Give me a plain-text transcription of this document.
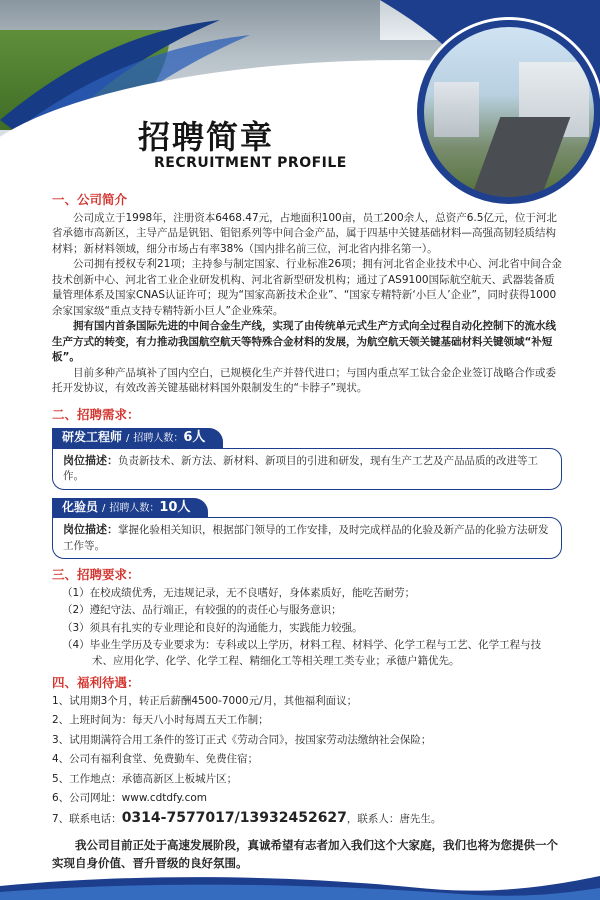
招聘简章
RECRUITMENT PROFILE
一、公司简介

公司成立于1998年，注册资本6468.47元，占地面积100亩，员工200余人，总资产6.5亿元，位于河北省承德市高新区，主导产品是钒铝、钼铝系列等中间合金产品，属于四基中关键基础材料—高强高韧轻质结构材料；新材料领域，细分市场占有率38%（国内排名前三位，河北省内排名第一）。

公司拥有授权专利21项；主持参与制定国家、行业标准26项；拥有河北省企业技术中心、河北省中间合金技术创新中心、河北省工业企业研发机构、河北省新型研发机构；通过了AS9100国际航空航天、武器装备质量管理体系及国家CNAS认证许可；现为“国家高新技术企业”、“国家专精特新‘小巨人’企业”，同时获得1000余家国家级“重点支持专精特新小巨人”企业殊荣。

拥有国内首条国际先进的中间合金生产线，实现了由传统单元式生产方式向全过程自动化控制下的流水线生产方式的转变，有力推动我国航空航天等特殊合金材料的发展，为航空航天领关键基础材料关键领域“补短板”。

目前多种产品填补了国内空白，已规模化生产并替代进口；与国内重点军工钛合金企业签订战略合作或委托开发协议，有效改善关键基础材料国外限制发生的“卡脖子”现状。

二、招聘需求：
研发工程师 / 招聘人数：6人
岗位描述：负责新技术、新方法、新材料、新项目的引进和研发，现有生产工艺及产品品质的改进等工作。
化验员 / 招聘人数：10人
岗位描述：掌握化验相关知识，根据部门领导的工作安排，及时完成样品的化验及新产品的化验方法研发工作等。
三、招聘要求：
（1）在校成绩优秀，无违规记录，无不良嗜好，身体素质好，能吃苦耐劳；
（2）遵纪守法、品行端正，有较强的的责任心与服务意识；
（3）须具有扎实的专业理论和良好的沟通能力，实践能力较强。
（4）毕业生学历及专业要求为：专科或以上学历，材料工程、材料学、化学工程与工艺、化学工程与技术、应用化学、化学、化学工程、精细化工等相关理工类专业；承德户籍优先。
四、福利待遇：
1、试用期3个月，转正后薪酬4500-7000元/月，其他福利面议；
2、上班时间为：每天八小时每周五天工作制；
3、试用期满符合用工条件的签订正式《劳动合同》，按国家劳动法缴纳社会保险；
4、公司有福利食堂、免费勤车、免费住宿；
5、工作地点：承德高新区上板城片区；
6、公司网址：www.cdtdfy.com
7、联系电话：0314-7577017/13932452627，联系人：唐先生。
我公司目前正处于高速发展阶段，真诚希望有志者加入我们这个大家庭，我们也将为您提供一个实现自身价值、晋升晋级的良好氛围。
